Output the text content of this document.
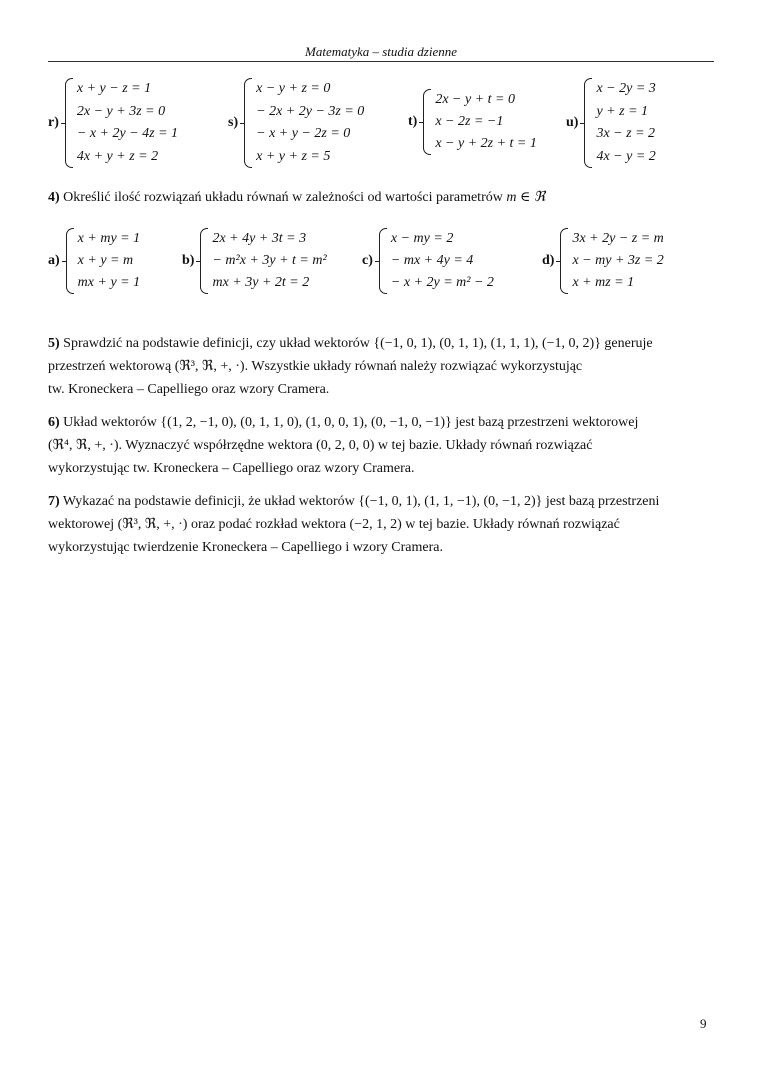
Matematyka – studia dzienne
r)
x + y − z = 1
2x − y + 3z = 0
− x + 2y − 4z = 1
4x + y + z = 2
s)
x − y + z = 0
− 2x + 2y − 3z = 0
− x + y − 2z = 0
x + y + z = 5
t)
2x − y + t = 0
x − 2z = −1
x − y + 2z + t = 1
u)
x − 2y = 3
y + z = 1
3x − z = 2
4x − y = 2
4) Określić ilość rozwiązań układu równań w zależności od wartości parametrów m ∈ ℜ
a)
x + my = 1
x + y = m
mx + y = 1
b)
2x + 4y + 3t = 3
− m²x + 3y + t = m²
mx + 3y + 2t = 2
c)
x − my = 2
− mx + 4y = 4
− x + 2y = m² − 2
d)
3x + 2y − z = m
x − my + 3z = 2
x + mz = 1
5) Sprawdzić na podstawie definicji, czy układ wektorów {(−1, 0, 1), (0, 1, 1), (1, 1, 1), (−1, 0, 2)} generuje
przestrzeń wektorową (ℜ³, ℜ, +, ·). Wszystkie układy równań należy rozwiązać wykorzystując
tw. Kroneckera – Capelliego oraz wzory Cramera.
6) Układ wektorów {(1, 2, −1, 0), (0, 1, 1, 0), (1, 0, 0, 1), (0, −1, 0, −1)} jest bazą przestrzeni wektorowej
(ℜ⁴, ℜ, +, ·). Wyznaczyć współrzędne wektora (0, 2, 0, 0) w tej bazie. Układy równań rozwiązać
wykorzystując tw. Kroneckera – Capelliego oraz wzory Cramera.
7) Wykazać na podstawie definicji, że układ wektorów {(−1, 0, 1), (1, 1, −1), (0, −1, 2)} jest bazą przestrzeni
wektorowej (ℜ³, ℜ, +, ·) oraz podać rozkład wektora (−2, 1, 2) w tej bazie. Układy równań rozwiązać
wykorzystując twierdzenie Kroneckera – Capelliego i wzory Cramera.
9
